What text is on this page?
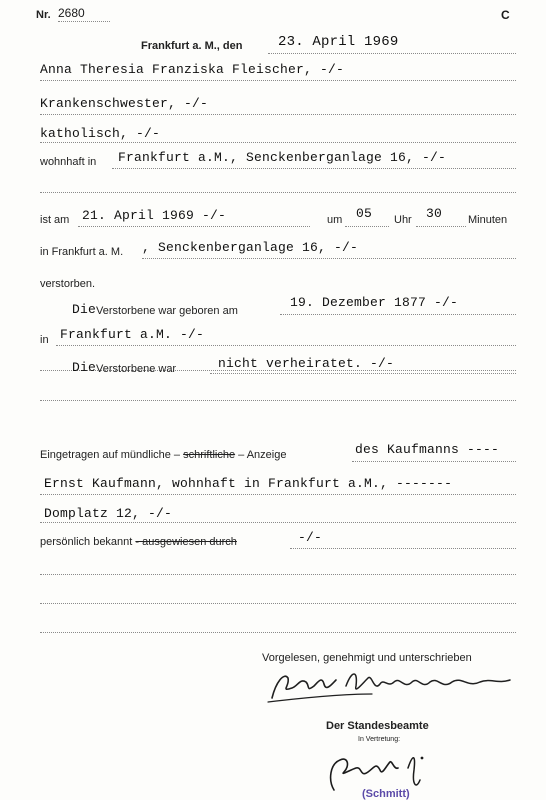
Nr. 2680	C
Frankfurt a. M., den	23. April 1969
Anna Theresia Franziska Fleischer, -/-
Krankenschwester, -/-
katholisch, -/-
wohnhaft in Frankfurt a.M., Senckenberganlage 16, -/-
ist am 21. April 1969 -/-	um 05 Uhr 30 Minuten
in Frankfurt a. M. , Senckenberganlage 16, -/-
verstorben.
Die Verstorbene war geboren am
19. Dezember 1877 -/-
in Frankfurt a.M. -/-
Die Verstorbene war	nicht verheiratet. -/-
Eingetragen auf mündliche – schriftliche – Anzeige	des Kaufmanns ----
Ernst Kaufmann, wohnhaft in Frankfurt a.M., -------
Domplatz 12, -/-
persönlich bekannt - ausgewiesen durch	-/-
Vorgelesen, genehmigt und unterschrieben
Der Standesbeamte
In Vertretung:
(Schmitt)
